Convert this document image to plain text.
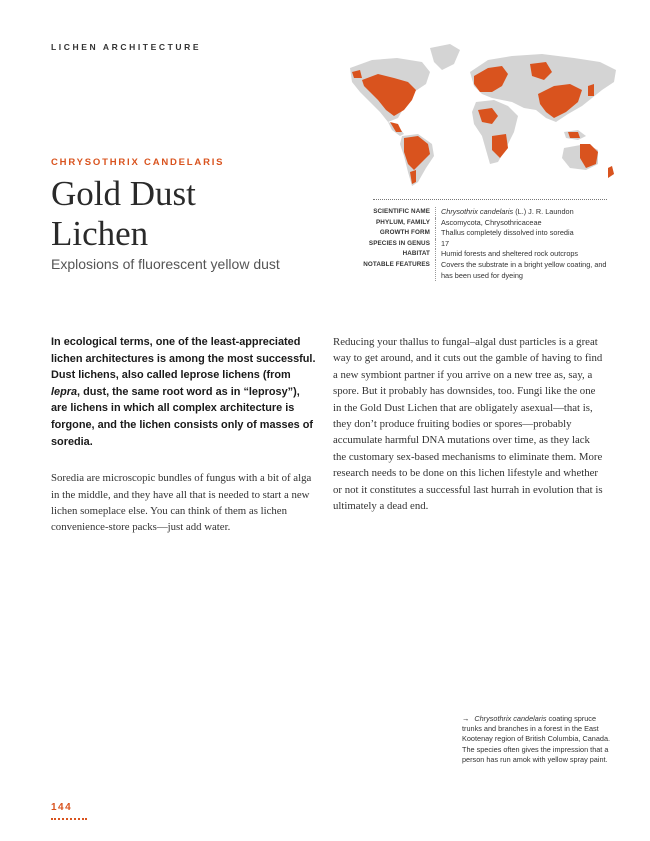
LICHEN ARCHITECTURE
CHRYSOTHRIX CANDELARIS
Gold Dust
Lichen
Explosions of fluorescent yellow dust
SCIENTIFIC NAME	Chrysothrix candelaris (L.) J. R. Laundon
PHYLUM, FAMILY	Ascomycota, Chrysothricaceae
GROWTH FORM	Thallus completely dissolved into soredia
SPECIES IN GENUS	17
HABITAT	Humid forests and sheltered rock outcrops
NOTABLE FEATURES	Covers the substrate in a bright yellow coating, and has been used for dyeing

In ecological terms, one of the least-appreciated lichen architectures is among the most successful. Dust lichens, also called leprose lichens (from lepra, dust, the same root word as in “leprosy”), are lichens in which all complex architecture is forgone, and the lichen consists only of masses of soredia.

Soredia are microscopic bundles of fungus with a bit of alga in the middle, and they have all that is needed to start a new lichen someplace else. You can think of them as lichen convenience-store packs—just add water.

Reducing your thallus to fungal–algal dust particles is a great way to get around, and it cuts out the gamble of having to find a new symbiont partner if you arrive on a new tree as, say, a spore. But it probably has downsides, too. Fungi like the one in the Gold Dust Lichen that are obligately asexual—that is, they don’t produce fruiting bodies or spores—probably accumulate harmful DNA mutations over time, as they lack the customary sex-based mechanisms to eliminate them. More research needs to be done on this lichen lifestyle and whether or not it constitutes a successful last hurrah in evolution that is ultimately a dead end.

→ Chrysothrix candelaris coating spruce trunks and branches in a forest in the East Kootenay region of British Columbia, Canada. The species often gives the impression that a person has run amok with yellow spray paint.
144
